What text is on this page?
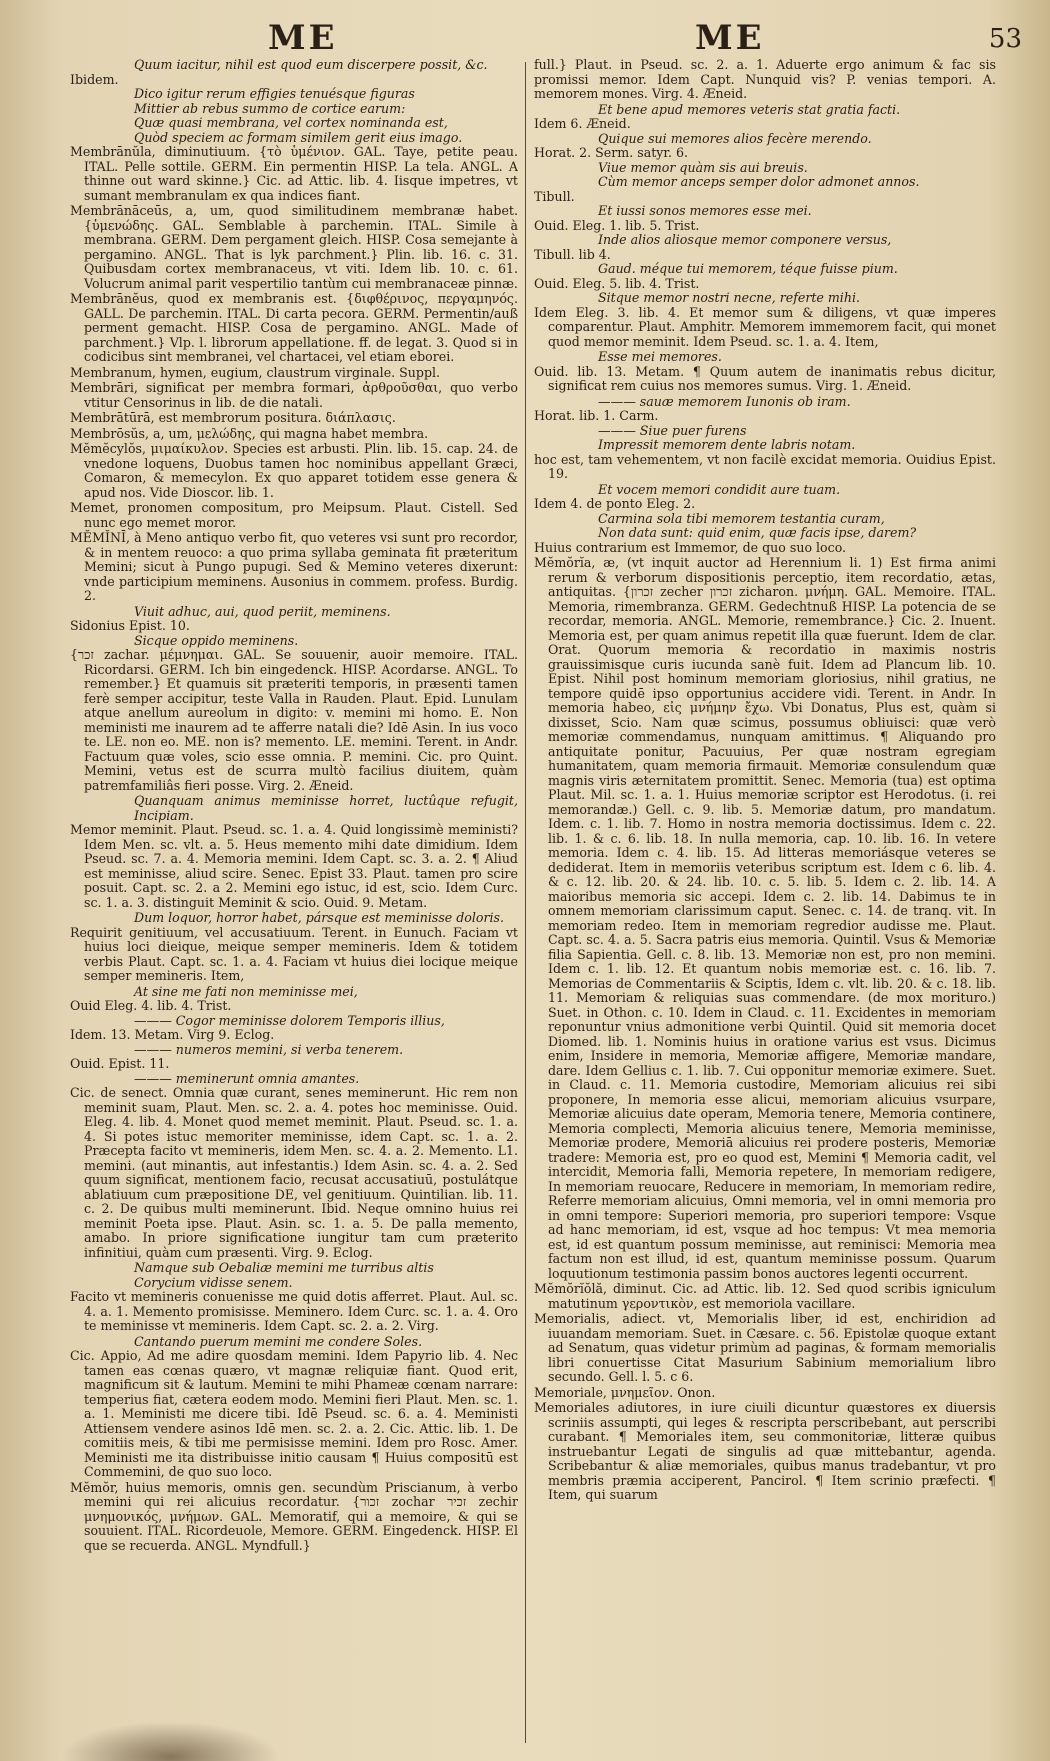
ME	ME	53

Quum iacitur, nihil est quod eum discerpere possit, &c.

Ibidem.

Dico igitur rerum effigies tenuésque figuras

Mittier ab rebus summo de cortice earum:

Quæ quasi membrana, vel cortex nominanda est,

Quòd speciem ac formam similem gerit eius imago.

Membrānŭla, diminutiuum. {τὸ ὑμένιον. GAL. Taye, petite peau. ITAL. Pelle sottile. GERM. Ein permentin HISP. La tela. ANGL. A thinne out ward skinne.} Cic. ad Attic. lib. 4. Iisque impetres, vt sumant membranulam ex qua indices fiant.

Membrānāceūs, a, um, quod similitudinem membranæ habet. {ὑμενώδης. GAL. Semblable à parchemin. ITAL. Simile à membrana. GERM. Dem pergament gleich. HISP. Cosa semejante à pergamino. ANGL. That is lyk parchment.} Plin. lib. 16. c. 31. Quibusdam cortex membranaceus, vt viti. Idem lib. 10. c. 61. Volucrum animal parit vespertilio tantùm cui membranaceæ pinnæ.

Membrānĕus, quod ex membranis est. {διφθέρινος, περγαμηνός. GALL. De parchemin. ITAL. Di carta pecora. GERM. Permentin/auß perment gemacht. HISP. Cosa de pergamino. ANGL. Made of parchment.} Vlp. l. librorum appellatione. ff. de legat. 3. Quod si in codicibus sint membranei, vel chartacei, vel etiam eborei.

Membranum, hymen, eugium, claustrum virginale. Suppl.

Membrāri, significat per membra formari, ἀρθροῦσθαι, quo verbo vtitur Censorinus in lib. de die natali.

Membrātūrā, est membrorum positura. διάπλασις.

Membrōsŭs, a, um, μελώδης, qui magna habet membra.

Mĕmĕcylŏs, μιμαίκυλον. Species est arbusti. Plin. lib. 15. cap. 24. de vnedone loquens, Duobus tamen hoc nominibus appellant Græci, Comaron, & memecylon. Ex quo apparet totidem esse genera & apud nos. Vide Dioscor. lib. 1.

Memet, pronomen compositum, pro Meipsum. Plaut. Cistell. Sed nunc ego memet moror.

MĔMĬNĪ, à Meno antiquo verbo fit, quo veteres vsi sunt pro recordor, & in mentem reuoco: a quo prima syllaba geminata fit præteritum Memini; sicut à Pungo pupugi. Sed & Memino veteres dixerunt: vnde participium meminens. Ausonius in commem. profess. Burdig. 2.

Viuit adhuc, aui, quod periit, meminens.

Sidonius Epist. 10.

Sicque oppido meminens.

{זכר zachar. μέμνημαι. GAL. Se souuenir, auoir memoire. ITAL. Ricordarsi. GERM. Ich bin eingedenck. HISP. Acordarse. ANGL. To remember.} Et quamuis sit præteriti temporis, in præsenti tamen ferè semper accipitur, teste Valla in Rauden. Plaut. Epid. Lunulam atque anellum aureolum in digito: v. memini mi homo. E. Non meministi me inaurem ad te afferre natali die? Idē Asin. In ius voco te. LE. non eo. ME. non is? memento. LE. memini. Terent. in Andr. Factuum quæ voles, scio esse omnia. P. memini. Cic. pro Quint. Memini, vetus est de scurra multò facilius diuitem, quàm patremfamiliâs fieri posse. Virg. 2. Æneid.

Quanquam animus meminisse horret, luctûque refugit, Incipiam.

Memor meminit. Plaut. Pseud. sc. 1. a. 4. Quid longissimè meministi? Idem Men. sc. vlt. a. 5. Heus memento mihi date dimidium. Idem Pseud. sc. 7. a. 4. Memoria memini. Idem Capt. sc. 3. a. 2. ¶ Aliud est meminisse, aliud scire. Senec. Epist 33. Plaut. tamen pro scire posuit. Capt. sc. 2. a 2. Memini ego istuc, id est, scio. Idem Curc. sc. 1. a. 3. distinguit Meminit & scio. Ouid. 9. Metam.

Dum loquor, horror habet, pársque est meminisse doloris.

Requirit genitiuum, vel accusatiuum. Terent. in Eunuch. Faciam vt huius loci dieique, meique semper memineris. Idem & totidem verbis Plaut. Capt. sc. 1. a. 4. Faciam vt huius diei locique meique semper memineris. Item,

At sine me fati non meminisse mei,

Ouid Eleg. 4. lib. 4. Trist.

——— Cogor meminisse dolorem Temporis illius,

Idem. 13. Metam. Virg 9. Eclog.

——— numeros memini, si verba tenerem.

Ouid. Epist. 11.

——— meminerunt omnia amantes.

Cic. de senect. Omnia quæ curant, senes meminerunt. Hic rem non meminit suam, Plaut. Men. sc. 2. a. 4. potes hoc meminisse. Ouid. Eleg. 4. lib. 4. Monet quod memet meminit. Plaut. Pseud. sc. 1. a. 4. Si potes istuc memoriter meminisse, idem Capt. sc. 1. a. 2. Præcepta facito vt memineris, idem Men. sc. 4. a. 2. Memento. L1. memini. (aut minantis, aut infestantis.) Idem Asin. sc. 4. a. 2. Sed quum significat, mentionem facio, recusat accusatiuū, postulátque ablatiuum cum præpositione DE, vel genitiuum. Quintilian. lib. 11. c. 2. De quibus multi meminerunt. Ibid. Neque omnino huius rei meminit Poeta ipse. Plaut. Asin. sc. 1. a. 5. De palla memento, amabo. In priore significatione iungitur tam cum præterito infinitiui, quàm cum præsenti. Virg. 9. Eclog.

Namque sub Oebaliæ memini me turribus altis

Corycium vidisse senem.

Facito vt memineris conuenisse me quid dotis afferret. Plaut. Aul. sc. 4. a. 1. Memento promisisse. Meminero. Idem Curc. sc. 1. a. 4. Oro te meminisse vt memineris. Idem Capt. sc. 2. a. 2. Virg.

Cantando puerum memini me condere Soles.

Cic. Appio, Ad me adire quosdam memini. Idem Papyrio lib. 4. Nec tamen eas cœnas quæro, vt magnæ reliquiæ fiant. Quod erit, magnificum sit & lautum. Memini te mihi Phameæ cœnam narrare: temperius fiat, cætera eodem modo. Memini fieri Plaut. Men. sc. 1. a. 1. Meministi me dicere tibi. Idē Pseud. sc. 6. a. 4. Meministi Attiensem vendere asinos Idē men. sc. 2. a. 2. Cic. Attic. lib. 1. De comitiis meis, & tibi me permisisse memini. Idem pro Rosc. Amer. Meministi me ita distribuisse initio causam ¶ Huius compositū est Commemini, de quo suo loco.

Mĕmŏr, huius memoris, omnis gen. secundùm Priscianum, à verbo memini qui rei alicuius recordatur. {זכור zochar זכיר zechir μνημονικός, μνήμων. GAL. Memoratif, qui a memoire, & qui se souuient. ITAL. Ricordeuole, Memore. GERM. Eingedenck. HISP. El que se recuerda. ANGL. Myndfull.}

full.} Plaut. in Pseud. sc. 2. a. 1. Aduerte ergo animum & fac sis promissi memor. Idem Capt. Nunquid vis? P. venias tempori. A. memorem mones. Virg. 4. Æneid.

Et bene apud memores veteris stat gratia facti.

Idem 6. Æneid.

Quique sui memores alios fecère merendo.

Horat. 2. Serm. satyr. 6.

Viue memor quàm sis aui breuis.

Cùm memor anceps semper dolor admonet annos.

Tibull.

Et iussi sonos memores esse mei.

Ouid. Eleg. 1. lib. 5. Trist.

Inde alios aliosque memor componere versus,

Tibull. lib 4.

Gaud. méque tui memorem, téque fuisse pium.

Ouid. Eleg. 5. lib. 4. Trist.

Sitque memor nostri necne, referte mihi.

Idem Eleg. 3. lib. 4. Et memor sum & diligens, vt quæ imperes comparentur. Plaut. Amphitr. Memorem immemorem facit, qui monet quod memor meminit. Idem Pseud. sc. 1. a. 4. Item,

Esse mei memores.

Ouid. lib. 13. Metam. ¶ Quum autem de inanimatis rebus dicitur, significat rem cuius nos memores sumus. Virg. 1. Æneid.

——— sauæ memorem Iunonis ob iram.

Horat. lib. 1. Carm.

——— Siue puer furens

Impressit memorem dente labris notam.

hoc est, tam vehementem, vt non facilè excidat memoria. Ouidius Epist. 19.

Et vocem memori condidit aure tuam.

Idem 4. de ponto Eleg. 2.

Carmina sola tibi memorem testantia curam,

Non data sunt: quid enim, quæ facis ipse, darem?

Huius contrarium est Immemor, de quo suo loco.

Mĕmŏrĭa, æ, (vt inquit auctor ad Herennium li. 1) Est firma animi rerum & verborum dispositionis perceptio, item recordatio, ætas, antiquitas. {זכרון zecher זכרון zicharon. μνήμη. GAL. Memoire. ITAL. Memoria, rimembranza. GERM. Gedechtnuß HISP. La potencia de se recordar, memoria. ANGL. Memorie, remembrance.} Cic. 2. Inuent. Memoria est, per quam animus repetit illa quæ fuerunt. Idem de clar. Orat. Quorum memoria & recordatio in maximis nostris grauissimisque curis iucunda sanè fuit. Idem ad Plancum lib. 10. Epist. Nihil post hominum memoriam gloriosius, nihil gratius, ne tempore quidē ipso opportunius accidere vidi. Terent. in Andr. In memoria habeo, εἰς μνήμην ἔχω. Vbi Donatus, Plus est, quàm si dixisset, Scio. Nam quæ scimus, possumus obliuisci: quæ verò memoriæ commendamus, nunquam amittimus. ¶ Aliquando pro antiquitate ponitur, Pacuuius, Per quæ nostram egregiam humanitatem, quam memoria firmauit. Memoriæ consulendum quæ magnis viris æternitatem promittit. Senec. Memoria (tua) est optima Plaut. Mil. sc. 1. a. 1. Huius memoriæ scriptor est Herodotus. (i. rei memorandæ.) Gell. c. 9. lib. 5. Memoriæ datum, pro mandatum. Idem. c. 1. lib. 7. Homo in nostra memoria doctissimus. Idem c. 22. lib. 1. & c. 6. lib. 18. In nulla memoria, cap. 10. lib. 16. In vetere memoria. Idem c. 4. lib. 15. Ad litteras memoriásque veteres se dediderat. Item in memoriis veteribus scriptum est. Idem c 6. lib. 4. & c. 12. lib. 20. & 24. lib. 10. c. 5. lib. 5. Idem c. 2. lib. 14. A maioribus memoria sic accepi. Idem c. 2. lib. 14. Dabimus te in omnem memoriam clarissimum caput. Senec. c. 14. de tranq. vit. In memoriam redeo. Item in memoriam regredior audisse me. Plaut. Capt. sc. 4. a. 5. Sacra patris eius memoria. Quintil. Vsus & Memoriæ filia Sapientia. Gell. c. 8. lib. 13. Memoriæ non est, pro non memini. Idem c. 1. lib. 12. Et quantum nobis memoriæ est. c. 16. lib. 7. Memorias de Commentariis & Sciptis, Idem c. vlt. lib. 20. & c. 18. lib. 11. Memoriam & reliquias suas commendare. (de mox morituro.) Suet. in Othon. c. 10. Idem in Claud. c. 11. Excidentes in memoriam reponuntur vnius admonitione verbi Quintil. Quid sit memoria docet Diomed. lib. 1. Nominis huius in oratione varius est vsus. Dicimus enim, Insidere in memoria, Memoriæ affigere, Memoriæ mandare, dare. Idem Gellius c. 1. lib. 7. Cui opponitur memoriæ eximere. Suet. in Claud. c. 11. Memoria custodire, Memoriam alicuius rei sibi proponere, In memoria esse alicui, memoriam alicuius vsurpare, Memoriæ alicuius date operam, Memoria tenere, Memoria continere, Memoria complecti, Memoria alicuius tenere, Memoria meminisse, Memoriæ prodere, Memoriā alicuius rei prodere posteris, Memoriæ tradere: Memoria est, pro eo quod est, Memini ¶ Memoria cadit, vel intercidit, Memoria falli, Memoria repetere, In memoriam redigere, In memoriam reuocare, Reducere in memoriam, In memoriam redire, Referre memoriam alicuius, Omni memoria, vel in omni memoria pro in omni tempore: Superiori memoria, pro superiori tempore: Vsque ad hanc memoriam, id est, vsque ad hoc tempus: Vt mea memoria est, id est quantum possum meminisse, aut reminisci: Memoria mea factum non est illud, id est, quantum meminisse possum. Quarum loquutionum testimonia passim bonos auctores legenti occurrent.

Mĕmŏrĭŏlă, diminut. Cic. ad Attic. lib. 12. Sed quod scribis igniculum matutinum γεροντικὸν, est memoriola vacillare.

Memorialis, adiect. vt, Memorialis liber, id est, enchiridion ad iuuandam memoriam. Suet. in Cæsare. c. 56. Epistolæ quoque extant ad Senatum, quas videtur primùm ad paginas, & formam memorialis libri conuertisse Citat Masurium Sabinium memorialium libro secundo. Gell. l. 5. c 6.

Memoriale, μνημεῖον. Onon.

Memoriales adiutores, in iure ciuili dicuntur quæstores ex diuersis scriniis assumpti, qui leges & rescripta perscribebant, aut perscribi curabant. ¶ Memoriales item, seu commonitoriæ, litteræ quibus instruebantur Legati de singulis ad quæ mittebantur, agenda. Scribebantur & aliæ memoriales, quibus manus tradebantur, vt pro membris præmia acciperent, Pancirol. ¶ Item scrinio præfecti. ¶ Item, qui suarum
